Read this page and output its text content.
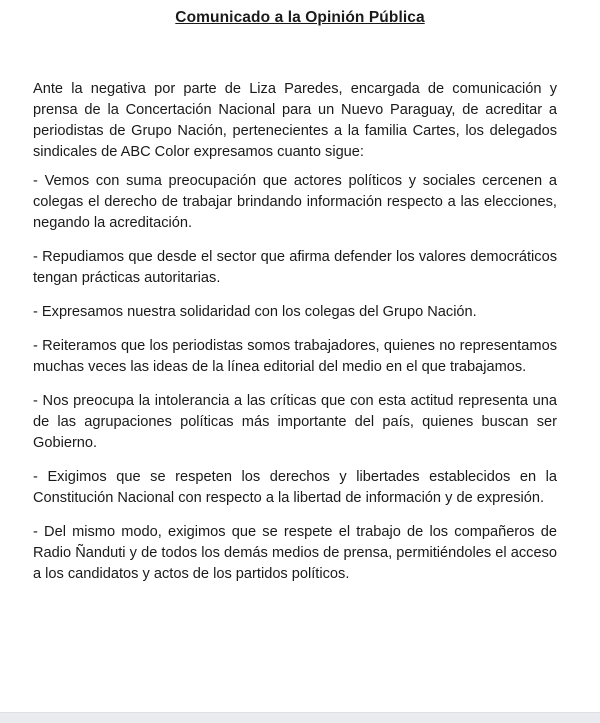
Comunicado a la Opinión Pública

Ante la negativa por parte de Liza Paredes, encargada de comunicación y prensa de la Concertación Nacional para un Nuevo Paraguay, de acreditar a periodistas de Grupo Nación, pertenecientes a la familia Cartes, los delegados sindicales de ABC Color expresamos cuanto sigue:

- Vemos con suma preocupación que actores políticos y sociales cercenen a colegas el derecho de trabajar brindando información respecto a las elecciones, negando la acreditación.

- Repudiamos que desde el sector que afirma defender los valores democráticos tengan prácticas autoritarias.

- Expresamos nuestra solidaridad con los colegas del Grupo Nación.

- Reiteramos que los periodistas somos trabajadores, quienes no representamos muchas veces las ideas de la línea editorial del medio en el que trabajamos.

- Nos preocupa la intolerancia a las críticas que con esta actitud representa una de las agrupaciones políticas más importante del país, quienes buscan ser Gobierno.

- Exigimos que se respeten los derechos y libertades establecidos en la Constitución Nacional con respecto a la libertad de información y de expresión.

- Del mismo modo, exigimos que se respete el trabajo de los compañeros de Radio Ñanduti y de todos los demás medios de prensa, permitiéndoles el acceso a los candidatos y actos de los partidos políticos.
